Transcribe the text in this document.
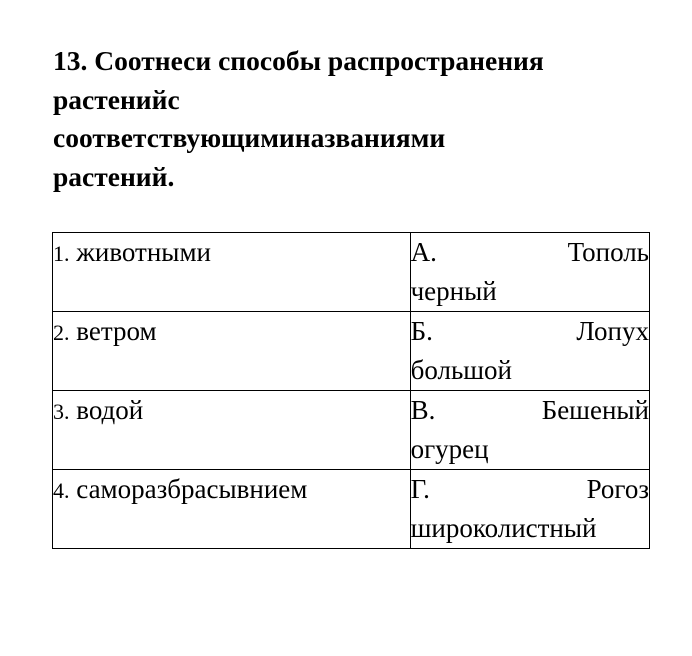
13. Соотнеси способы распространения
растенийс
соответствующиминазваниями
растений.
1. животными	А. Тополь
черный

2. ветром	Б. Лопух
большой

3. водой	В. Бешеный
огурец

4. саморазбрасывнием	Г. Рогоз
широколистный
